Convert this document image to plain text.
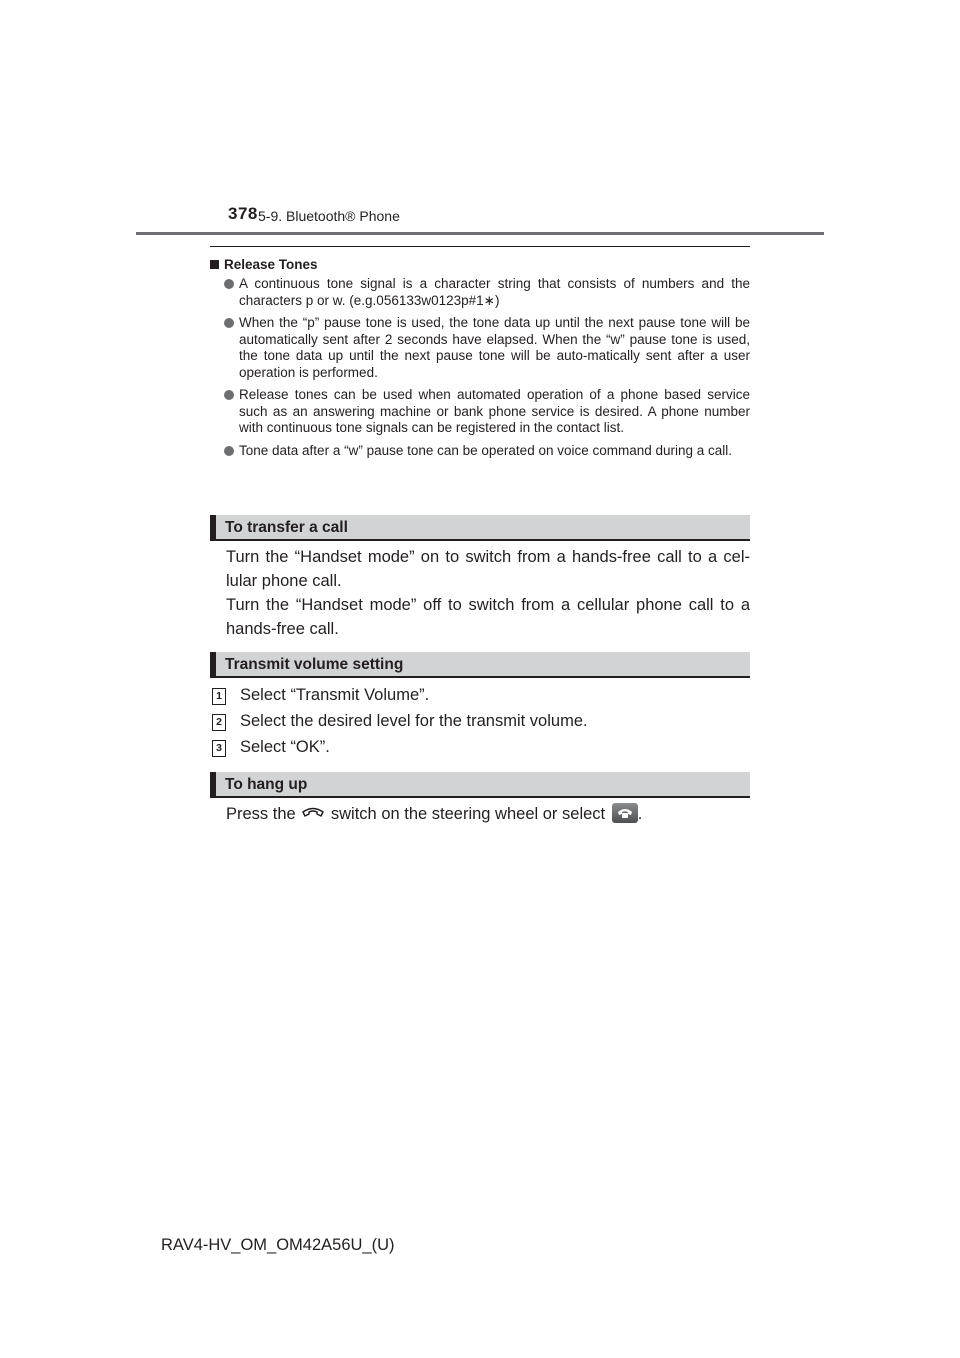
378 5-9. Bluetooth® Phone
Release Tones
A continuous tone signal is a character string that consists of numbers and the characters p or w. (e.g.056133w0123p#1∗)
When the “p” pause tone is used, the tone data up until the next pause tone will be automatically sent after 2 seconds have elapsed. When the “w” pause tone is used, the tone data up until the next pause tone will be auto-matically sent after a user operation is performed.
Release tones can be used when automated operation of a phone based service such as an answering machine or bank phone service is desired. A phone number with continuous tone signals can be registered in the contact list.
Tone data after a “w” pause tone can be operated on voice command during a call.
To transfer a call
Turn the “Handset mode” on to switch from a hands-free call to a cel-lular phone call.
Turn the “Handset mode” off to switch from a cellular phone call to a hands-free call.
Transmit volume setting
1 Select “Transmit Volume”.
2 Select the desired level for the transmit volume.
3 Select “OK”.
To hang up
Press the switch on the steering wheel or select .
RAV4-HV_OM_OM42A56U_(U)
